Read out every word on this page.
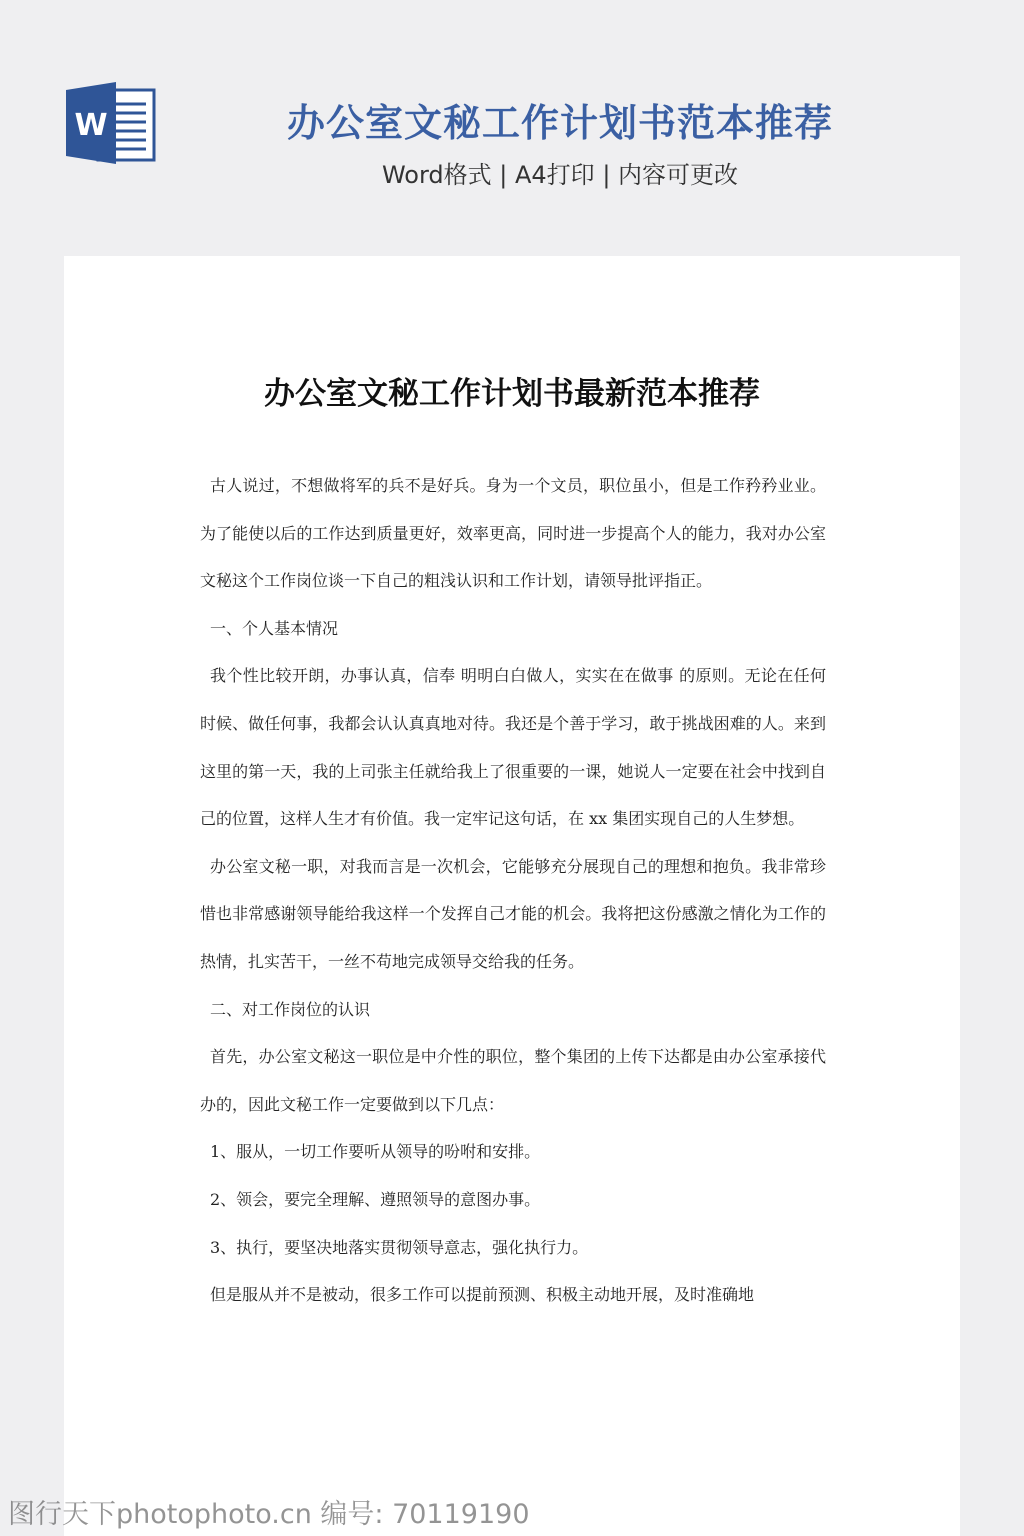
W	办公室文秘工作计划书范本推荐
Word格式 | A4打印 | 内容可更改
办公室文秘工作计划书最新范本推荐

古人说过，不想做将军的兵不是好兵。身为一个文员，职位虽小，但是工作矜矜业业。为了能使以后的工作达到质量更好，效率更高，同时进一步提高个人的能力，我对办公室文秘这个工作岗位谈一下自己的粗浅认识和工作计划，请领导批评指正。

一、个人基本情况

我个性比较开朗，办事认真，信奉 明明白白做人，实实在在做事 的原则。无论在任何时候、做任何事，我都会认认真真地对待。我还是个善于学习，敢于挑战困难的人。来到这里的第一天，我的上司张主任就给我上了很重要的一课，她说人一定要在社会中找到自己的位置，这样人生才有价值。我一定牢记这句话，在 xx 集团实现自己的人生梦想。

办公室文秘一职，对我而言是一次机会，它能够充分展现自己的理想和抱负。我非常珍惜也非常感谢领导能给我这样一个发挥自己才能的机会。我将把这份感激之情化为工作的热情，扎实苦干，一丝不苟地完成领导交给我的任务。

二、对工作岗位的认识

首先，办公室文秘这一职位是中介性的职位，整个集团的上传下达都是由办公室承接代办的，因此文秘工作一定要做到以下几点：

1、服从，一切工作要听从领导的吩咐和安排。

2、领会，要完全理解、遵照领导的意图办事。

3、执行，要坚决地落实贯彻领导意志，强化执行力。

但是服从并不是被动，很多工作可以提前预测、积极主动地开展，及时准确地

图行天下photophoto.cn 编号: 70119190
